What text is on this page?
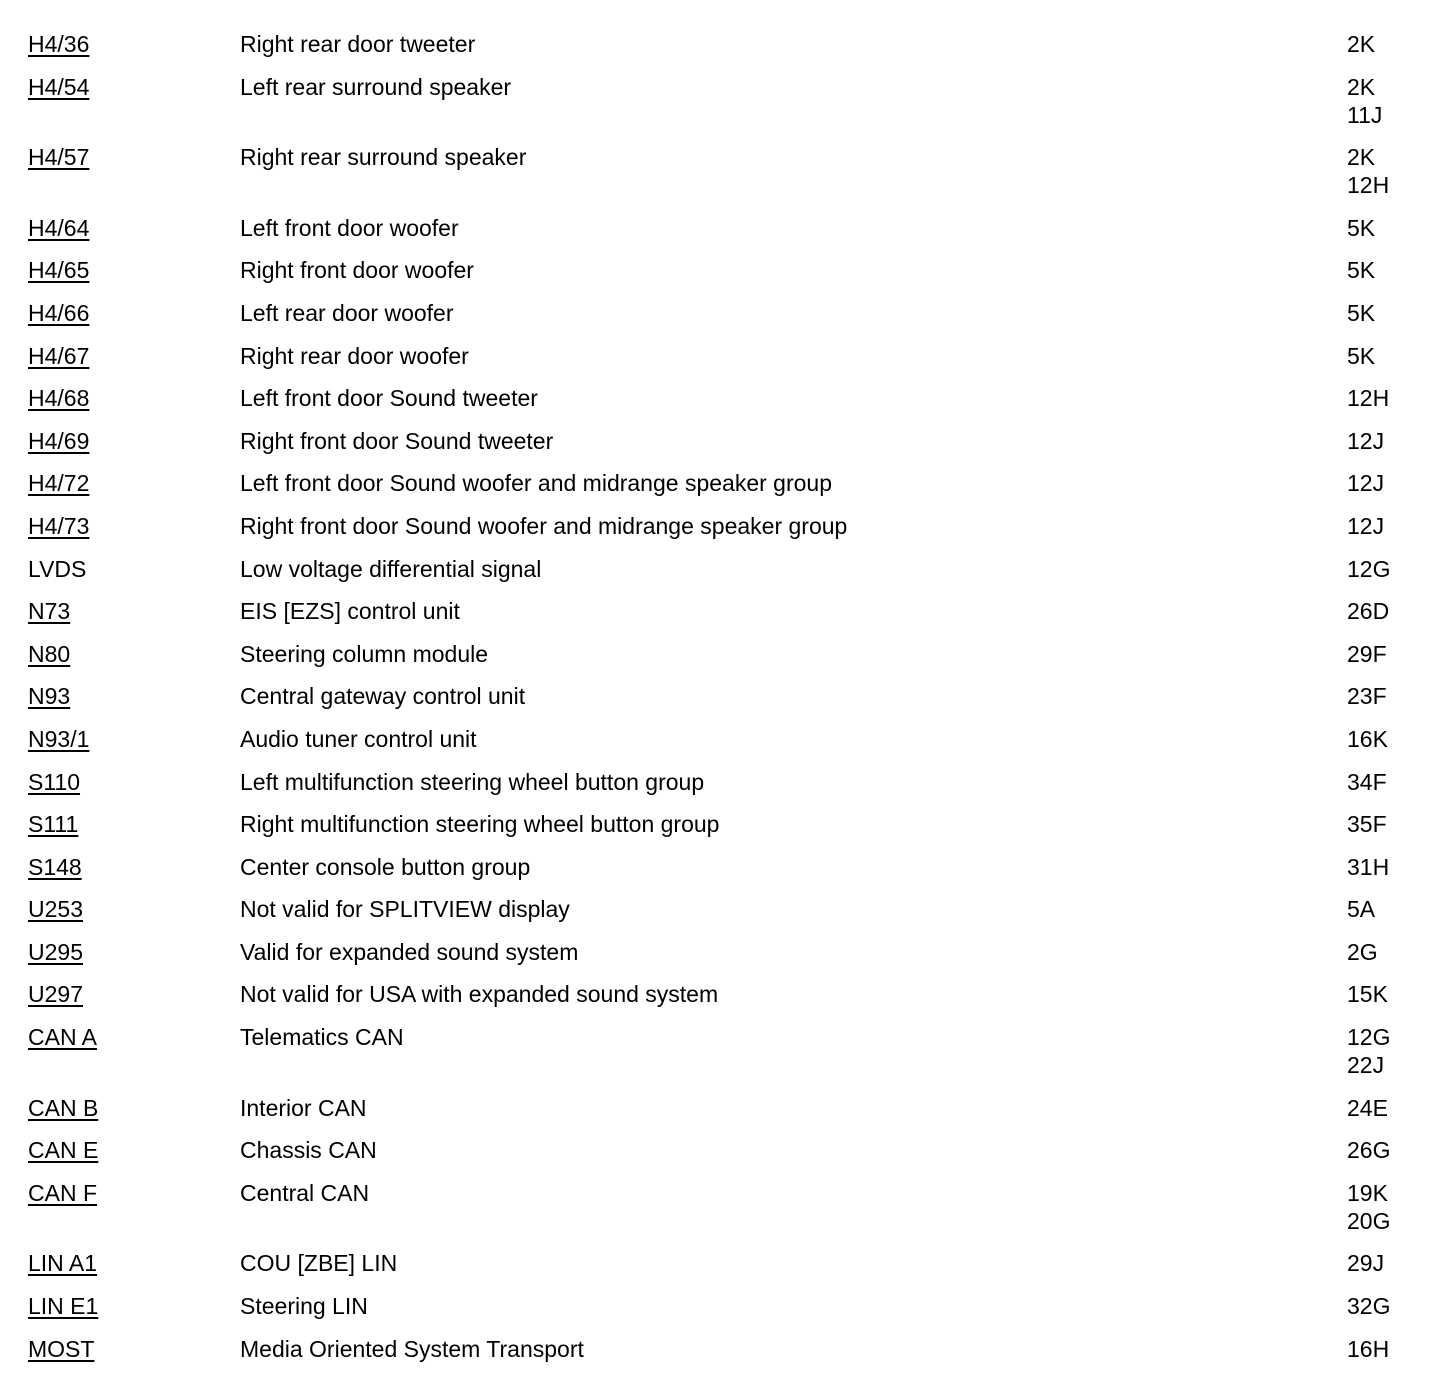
H4/36	Right rear door tweeter	2K
H4/54	Left rear surround speaker	2K
11J
H4/57	Right rear surround speaker	2K
12H
H4/64	Left front door woofer	5K
H4/65	Right front door woofer	5K
H4/66	Left rear door woofer	5K
H4/67	Right rear door woofer	5K
H4/68	Left front door Sound tweeter	12H
H4/69	Right front door Sound tweeter	12J
H4/72	Left front door Sound woofer and midrange speaker group	12J
H4/73	Right front door Sound woofer and midrange speaker group	12J
LVDS	Low voltage differential signal	12G
N73	EIS [EZS] control unit	26D
N80	Steering column module	29F
N93	Central gateway control unit	23F
N93/1	Audio tuner control unit	16K
S110	Left multifunction steering wheel button group	34F
S111	Right multifunction steering wheel button group	35F
S148	Center console button group	31H
U253	Not valid for SPLITVIEW display	5A
U295	Valid for expanded sound system	2G
U297	Not valid for USA with expanded sound system	15K
CAN A	Telematics CAN	12G
22J
CAN B	Interior CAN	24E
CAN E	Chassis CAN	26G
CAN F	Central CAN	19K
20G
LIN A1	COU [ZBE] LIN	29J
LIN E1	Steering LIN	32G
MOST	Media Oriented System Transport	16H
